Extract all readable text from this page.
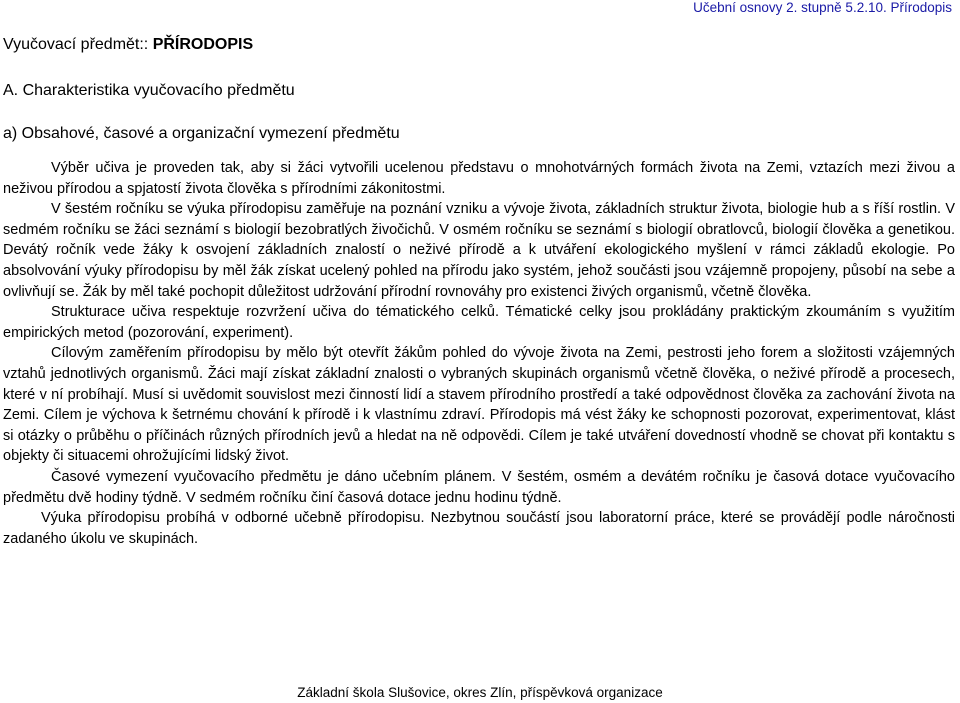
Učební osnovy 2. stupně 5.2.10. Přírodopis
Vyučovací předmět:: PŘÍRODOPIS
A. Charakteristika vyučovacího předmětu
a) Obsahové, časové a organizační vymezení předmětu

Výběr učiva je proveden tak, aby si žáci vytvořili ucelenou představu o mnohotvárných formách života na Zemi, vztazích mezi živou a neživou přírodou a spjatostí života člověka s přírodními zákonitostmi.

V šestém ročníku se výuka přírodopisu zaměřuje na poznání vzniku a vývoje života, základních struktur života, biologie hub a s říší rostlin. V sedmém ročníku se žáci seznámí s biologií bezobratlých živočichů. V osmém ročníku se seznámí s biologií obratlovců, biologií člověka a genetikou. Devátý ročník vede žáky k osvojení základních znalostí o neživé přírodě a k utváření ekologického myšlení v rámci základů ekologie. Po absolvování výuky přírodopisu by měl žák získat ucelený pohled na přírodu jako systém, jehož součásti jsou vzájemně propojeny, působí na sebe a ovlivňují se. Žák by měl také pochopit důležitost udržování přírodní rovnováhy pro existenci živých organismů, včetně člověka.

Strukturace učiva respektuje rozvržení učiva do tématického celků. Tématické celky jsou prokládány praktickým zkoumáním s využitím empirických metod (pozorování, experiment).

Cílovým zaměřením přírodopisu by mělo být otevřít žákům pohled do vývoje života na Zemi, pestrosti jeho forem a složitosti vzájemných vztahů jednotlivých organismů. Žáci mají získat základní znalosti o vybraných skupinách organismů včetně člověka, o neživé přírodě a procesech, které v ní probíhají. Musí si uvědomit souvislost mezi činností lidí a stavem přírodního prostředí a také odpovědnost člověka za zachování života na Zemi. Cílem je výchova k šetrnému chování k přírodě i k vlastnímu zdraví. Přírodopis má vést žáky ke schopnosti pozorovat, experimentovat, klást si otázky o průběhu o příčinách různých přírodních jevů a hledat na ně odpovědi. Cílem je také utváření dovedností vhodně se chovat při kontaktu s objekty či situacemi ohrožujícími lidský život.

Časové vymezení vyučovacího předmětu je dáno učebním plánem. V šestém, osmém a devátém ročníku je časová dotace vyučovacího předmětu dvě hodiny týdně. V sedmém ročníku činí časová dotace jednu hodinu týdně.

Výuka přírodopisu probíhá v odborné učebně přírodopisu. Nezbytnou součástí jsou laboratorní práce, které se provádějí podle náročnosti zadaného úkolu ve skupinách.

Základní škola Slušovice, okres Zlín, příspěvková organizace
